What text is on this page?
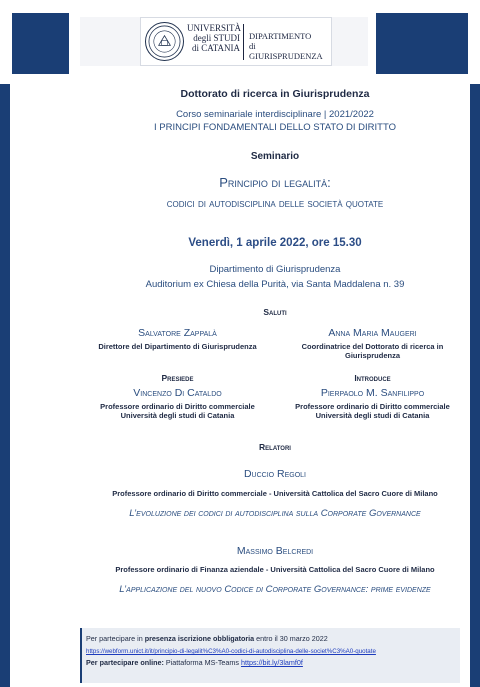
UNIVERSITÀ
degli STUDI
di CATANIA
DIPARTIMENTO
di GIURISPRUDENZA
Dottorato di ricerca in Giurisprudenza
Corso seminariale interdisciplinare | 2021/2022
I PRINCIPI FONDAMENTALI DELLO STATO DI DIRITTO
Seminario
Principio di legalità:
codici di autodisciplina delle società quotate
Venerdì, 1 aprile 2022, ore 15.30
Dipartimento di Giurisprudenza
Auditorium ex Chiesa della Purità, via Santa Maddalena n. 39
Saluti
Salvatore Zappalà
Direttore del Dipartimento di Giurisprudenza
Anna Maria Maugeri
Coordinatrice del Dottorato di ricerca in Giurisprudenza
Presiede
Vincenzo Di Cataldo
Professore ordinario di Diritto commerciale
Università degli studi di Catania
Introduce
Pierpaolo M. Sanfilippo
Professore ordinario di Diritto commerciale
Università degli studi di Catania
Relatori
Duccio Regoli
Professore ordinario di Diritto commerciale - Università Cattolica del Sacro Cuore di Milano
L’evoluzione dei codici di autodisciplina sulla Corporate Governance
Massimo Belcredi
Professore ordinario di Finanza aziendale - Università Cattolica del Sacro Cuore di Milano
L’applicazione del nuovo Codice di Corporate Governance: prime evidenze
Per partecipare in presenza iscrizione obbligatoria entro il 30 marzo 2022
https://webform.unict.it/it/principio-di-legalit%C3%A0-codici-di-autodisciplina-delle-societ%C3%A0-quotate
Per partecipare online: Piattaforma MS-Teams https://bit.ly/3lamf0f
